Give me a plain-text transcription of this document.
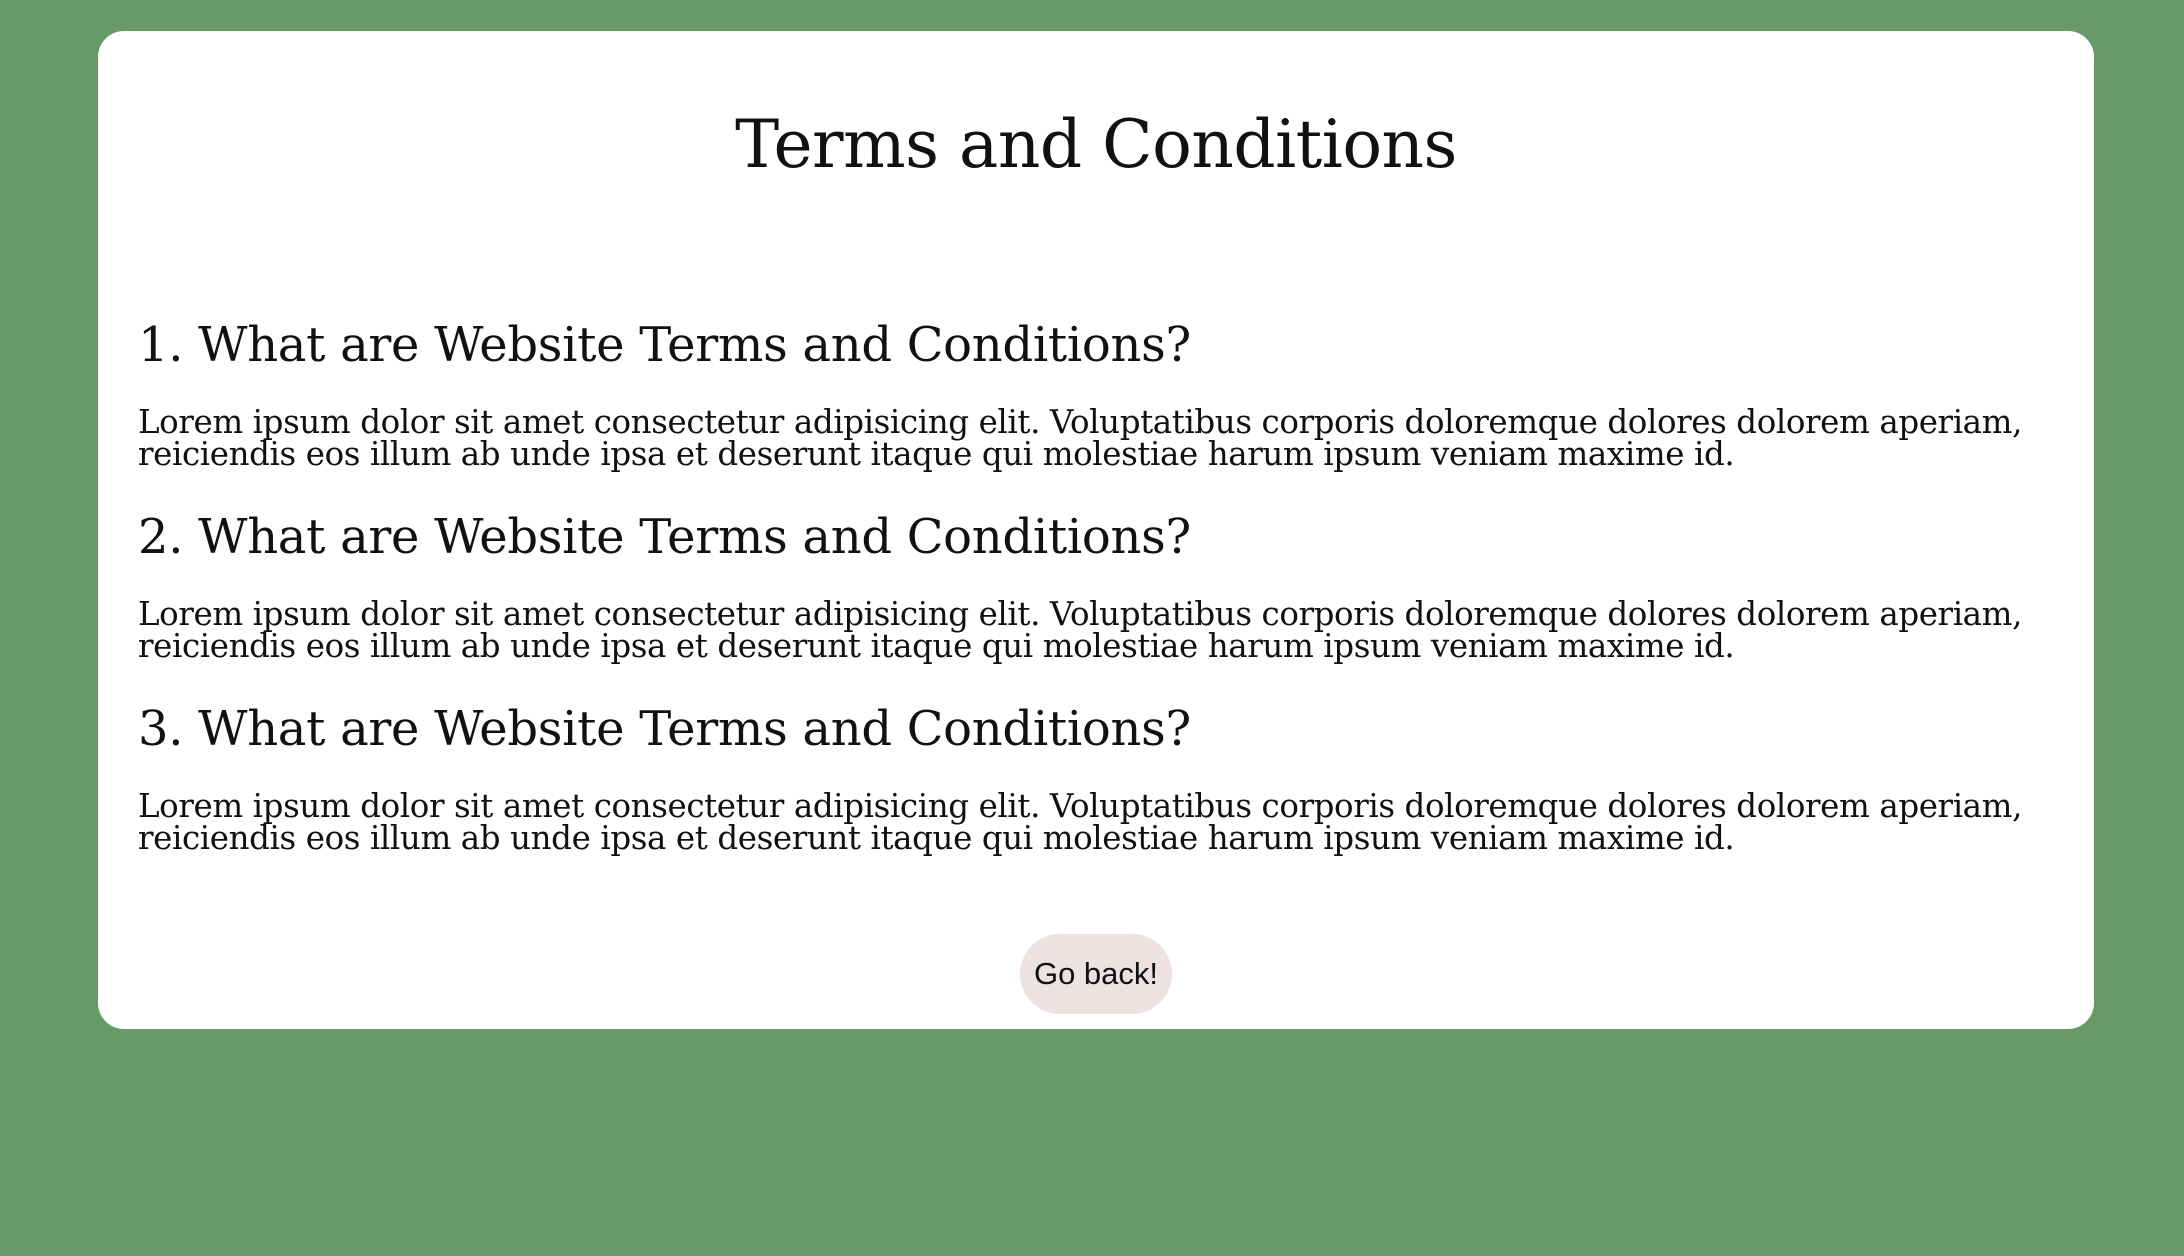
Terms and Conditions
1. What are Website Terms and Conditions?

Lorem ipsum dolor sit amet consectetur adipisicing elit. Voluptatibus corporis doloremque dolores dolorem aperiam, reiciendis eos illum ab unde ipsa et deserunt itaque qui molestiae harum ipsum veniam maxime id.

2. What are Website Terms and Conditions?

Lorem ipsum dolor sit amet consectetur adipisicing elit. Voluptatibus corporis doloremque dolores dolorem aperiam, reiciendis eos illum ab unde ipsa et deserunt itaque qui molestiae harum ipsum veniam maxime id.

3. What are Website Terms and Conditions?

Lorem ipsum dolor sit amet consectetur adipisicing elit. Voluptatibus corporis doloremque dolores dolorem aperiam, reiciendis eos illum ab unde ipsa et deserunt itaque qui molestiae harum ipsum veniam maxime id.

Go back!
